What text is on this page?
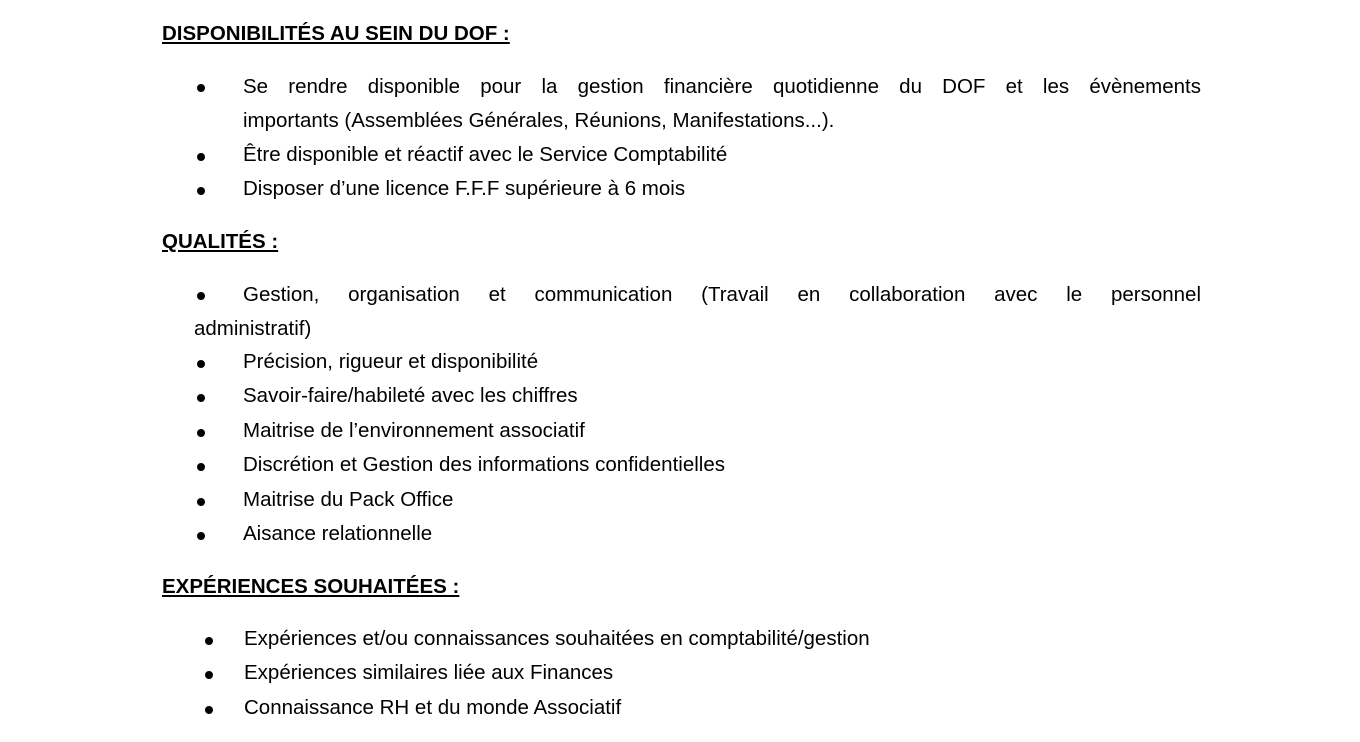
DISPONIBILITÉS AU SEIN DU DOF :
Se rendre disponible pour la gestion financière quotidienne du DOF et les évènements
importants (Assemblées Générales, Réunions, Manifestations...).
Être disponible et réactif avec le Service Comptabilité
Disposer d’une licence F.F.F supérieure à 6 mois
QUALITÉS :
Gestion, organisation et communication (Travail en collaboration avec le personnel
administratif)
Précision, rigueur et disponibilité
Savoir-faire/habileté avec les chiffres
Maitrise de l’environnement associatif
Discrétion et Gestion des informations confidentielles
Maitrise du Pack Office
Aisance relationnelle
EXPÉRIENCES SOUHAITÉES :
Expériences et/ou connaissances souhaitées en comptabilité/gestion
Expériences similaires liée aux Finances
Connaissance RH et du monde Associatif
